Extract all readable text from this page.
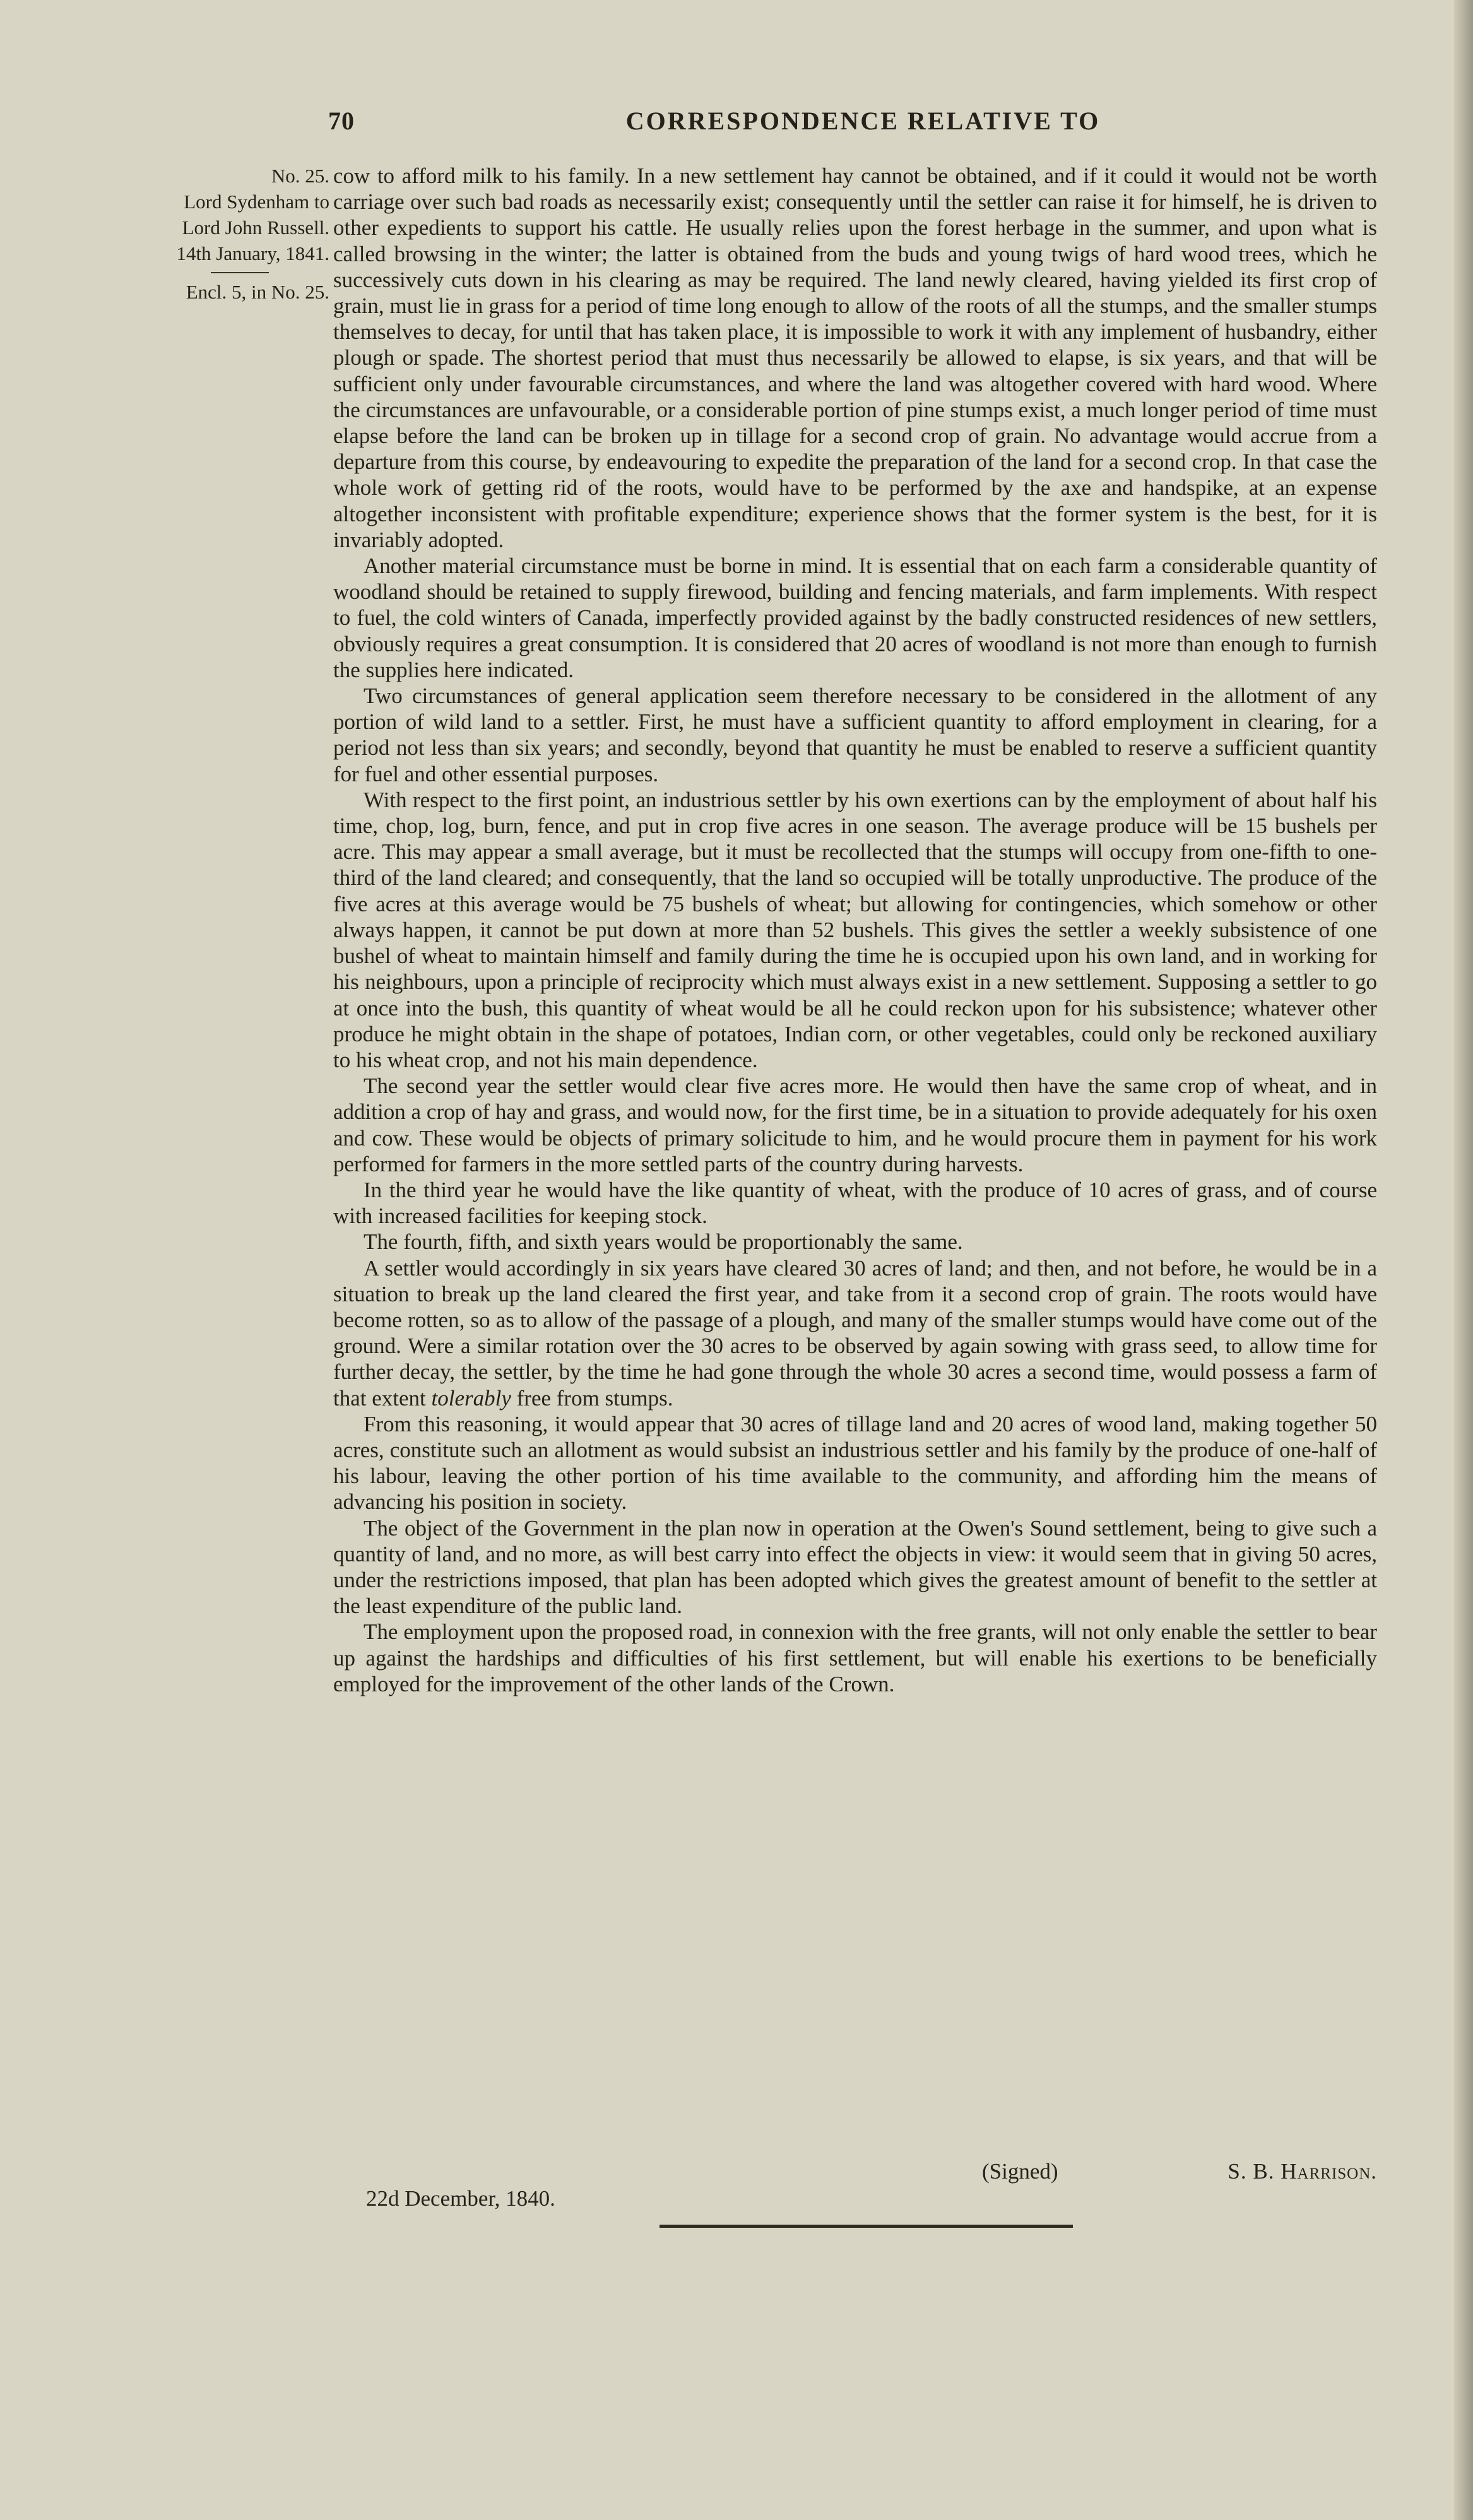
70	CORRESPONDENCE RELATIVE TO
No. 25.
Lord Sydenham to
Lord John Russell.
14th January, 1841.
Encl. 5, in No. 25.

cow to afford milk to his family. In a new settlement hay cannot be obtained, and if it could it would not be worth carriage over such bad roads as necessarily exist; consequently until the settler can raise it for himself, he is driven to other expedients to support his cattle. He usually relies upon the forest herbage in the summer, and upon what is called browsing in the winter; the latter is obtained from the buds and young twigs of hard wood trees, which he successively cuts down in his clearing as may be required. The land newly cleared, having yielded its first crop of grain, must lie in grass for a period of time long enough to allow of the roots of all the stumps, and the smaller stumps themselves to decay, for until that has taken place, it is impossible to work it with any implement of husbandry, either plough or spade. The shortest period that must thus necessarily be allowed to elapse, is six years, and that will be sufficient only under favourable circumstances, and where the land was altogether covered with hard wood. Where the circumstances are unfavourable, or a considerable portion of pine stumps exist, a much longer period of time must elapse before the land can be broken up in tillage for a second crop of grain. No advantage would accrue from a departure from this course, by endeavouring to expedite the preparation of the land for a second crop. In that case the whole work of getting rid of the roots, would have to be performed by the axe and handspike, at an expense altogether inconsistent with profitable expenditure; experience shows that the former system is the best, for it is invariably adopted.

Another material circumstance must be borne in mind. It is essential that on each farm a considerable quantity of woodland should be retained to supply firewood, building and fencing materials, and farm implements. With respect to fuel, the cold winters of Canada, imperfectly provided against by the badly constructed residences of new settlers, obviously requires a great consumption. It is considered that 20 acres of woodland is not more than enough to furnish the supplies here indicated.

Two circumstances of general application seem therefore necessary to be considered in the allotment of any portion of wild land to a settler. First, he must have a sufficient quantity to afford employment in clearing, for a period not less than six years; and secondly, beyond that quantity he must be enabled to reserve a sufficient quantity for fuel and other essential purposes.

With respect to the first point, an industrious settler by his own exertions can by the employment of about half his time, chop, log, burn, fence, and put in crop five acres in one season. The average produce will be 15 bushels per acre. This may appear a small average, but it must be recollected that the stumps will occupy from one-fifth to one-third of the land cleared; and consequently, that the land so occupied will be totally unproductive. The produce of the five acres at this average would be 75 bushels of wheat; but allowing for contingencies, which somehow or other always happen, it cannot be put down at more than 52 bushels. This gives the settler a weekly subsistence of one bushel of wheat to maintain himself and family during the time he is occupied upon his own land, and in working for his neighbours, upon a principle of reciprocity which must always exist in a new settlement. Supposing a settler to go at once into the bush, this quantity of wheat would be all he could reckon upon for his subsistence; whatever other produce he might obtain in the shape of potatoes, Indian corn, or other vegetables, could only be reckoned auxiliary to his wheat crop, and not his main dependence.

The second year the settler would clear five acres more. He would then have the same crop of wheat, and in addition a crop of hay and grass, and would now, for the first time, be in a situation to provide adequately for his oxen and cow. These would be objects of primary solicitude to him, and he would procure them in payment for his work performed for farmers in the more settled parts of the country during harvests.

In the third year he would have the like quantity of wheat, with the produce of 10 acres of grass, and of course with increased facilities for keeping stock.

The fourth, fifth, and sixth years would be proportionably the same.

A settler would accordingly in six years have cleared 30 acres of land; and then, and not before, he would be in a situation to break up the land cleared the first year, and take from it a second crop of grain. The roots would have become rotten, so as to allow of the passage of a plough, and many of the smaller stumps would have come out of the ground. Were a similar rotation over the 30 acres to be observed by again sowing with grass seed, to allow time for further decay, the settler, by the time he had gone through the whole 30 acres a second time, would possess a farm of that extent tolerably free from stumps.

From this reasoning, it would appear that 30 acres of tillage land and 20 acres of wood land, making together 50 acres, constitute such an allotment as would subsist an industrious settler and his family by the produce of one-half of his labour, leaving the other portion of his time available to the community, and affording him the means of advancing his position in society.

The object of the Government in the plan now in operation at the Owen's Sound settlement, being to give such a quantity of land, and no more, as will best carry into effect the objects in view: it would seem that in giving 50 acres, under the restrictions imposed, that plan has been adopted which gives the greatest amount of benefit to the settler at the least expenditure of the public land.

The employment upon the proposed road, in connexion with the free grants, will not only enable the settler to bear up against the hardships and difficulties of his first settlement, but will enable his exertions to be beneficially employed for the improvement of the other lands of the Crown.

(Signed)	S. B. Harrison.
22d December, 1840.
